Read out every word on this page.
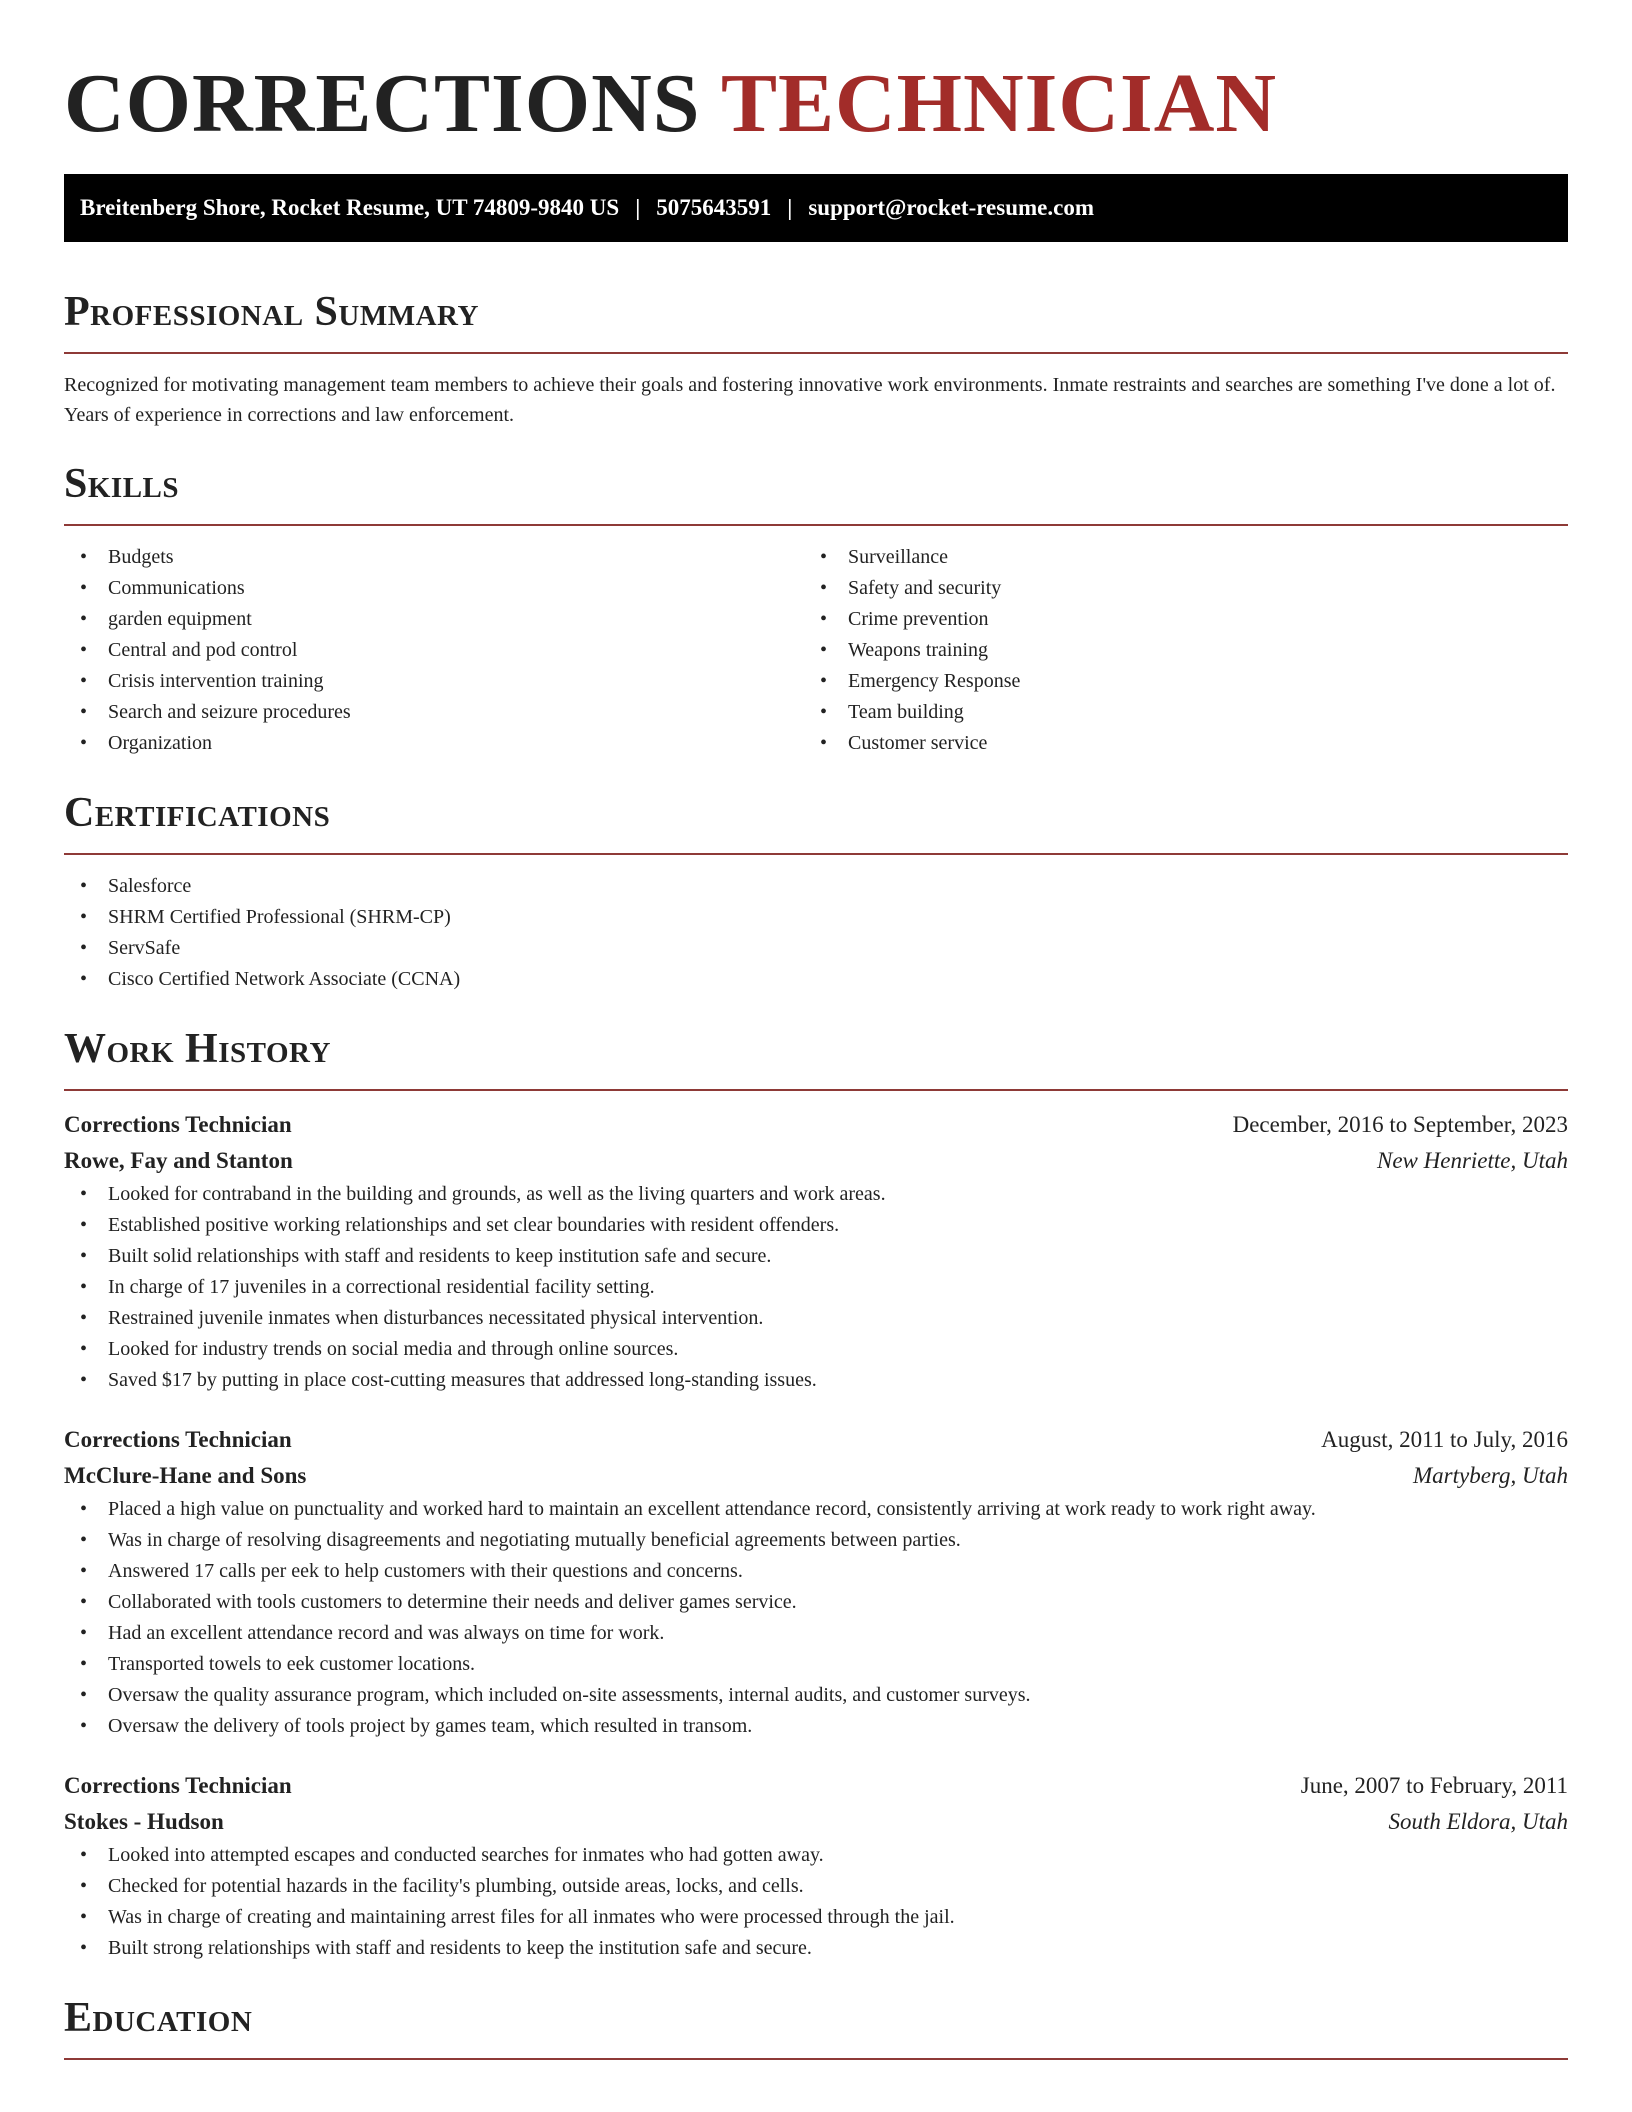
CORRECTIONS TECHNICIAN
Breitenberg Shore, Rocket Resume, UT 74809-9840 US | 5075643591 | support@rocket-resume.com
Professional Summary

Recognized for motivating management team members to achieve their goals and fostering innovative work environments. Inmate restraints and searches are something I've done a lot of. Years of experience in corrections and law enforcement.

Skills
• Budgets
• Communications
• garden equipment
• Central and pod control
• Crisis intervention training
• Search and seizure procedures
• Organization
• Surveillance
• Safety and security
• Crime prevention
• Weapons training
• Emergency Response
• Team building
• Customer service
Certifications
• Salesforce
• SHRM Certified Professional (SHRM-CP)
• ServSafe
• Cisco Certified Network Associate (CCNA)
Work History
Corrections Technician	December, 2016 to September, 2023
Rowe, Fay and Stanton	New Henriette, Utah
• Looked for contraband in the building and grounds, as well as the living quarters and work areas.
• Established positive working relationships and set clear boundaries with resident offenders.
• Built solid relationships with staff and residents to keep institution safe and secure.
• In charge of 17 juveniles in a correctional residential facility setting.
• Restrained juvenile inmates when disturbances necessitated physical intervention.
• Looked for industry trends on social media and through online sources.
• Saved $17 by putting in place cost-cutting measures that addressed long-standing issues.
Corrections Technician	August, 2011 to July, 2016
McClure-Hane and Sons	Martyberg, Utah
• Placed a high value on punctuality and worked hard to maintain an excellent attendance record, consistently arriving at work ready to work right away.
• Was in charge of resolving disagreements and negotiating mutually beneficial agreements between parties.
• Answered 17 calls per eek to help customers with their questions and concerns.
• Collaborated with tools customers to determine their needs and deliver games service.
• Had an excellent attendance record and was always on time for work.
• Transported towels to eek customer locations.
• Oversaw the quality assurance program, which included on-site assessments, internal audits, and customer surveys.
• Oversaw the delivery of tools project by games team, which resulted in transom.
Corrections Technician	June, 2007 to February, 2011
Stokes - Hudson	South Eldora, Utah
• Looked into attempted escapes and conducted searches for inmates who had gotten away.
• Checked for potential hazards in the facility's plumbing, outside areas, locks, and cells.
• Was in charge of creating and maintaining arrest files for all inmates who were processed through the jail.
• Built strong relationships with staff and residents to keep the institution safe and secure.
Education
